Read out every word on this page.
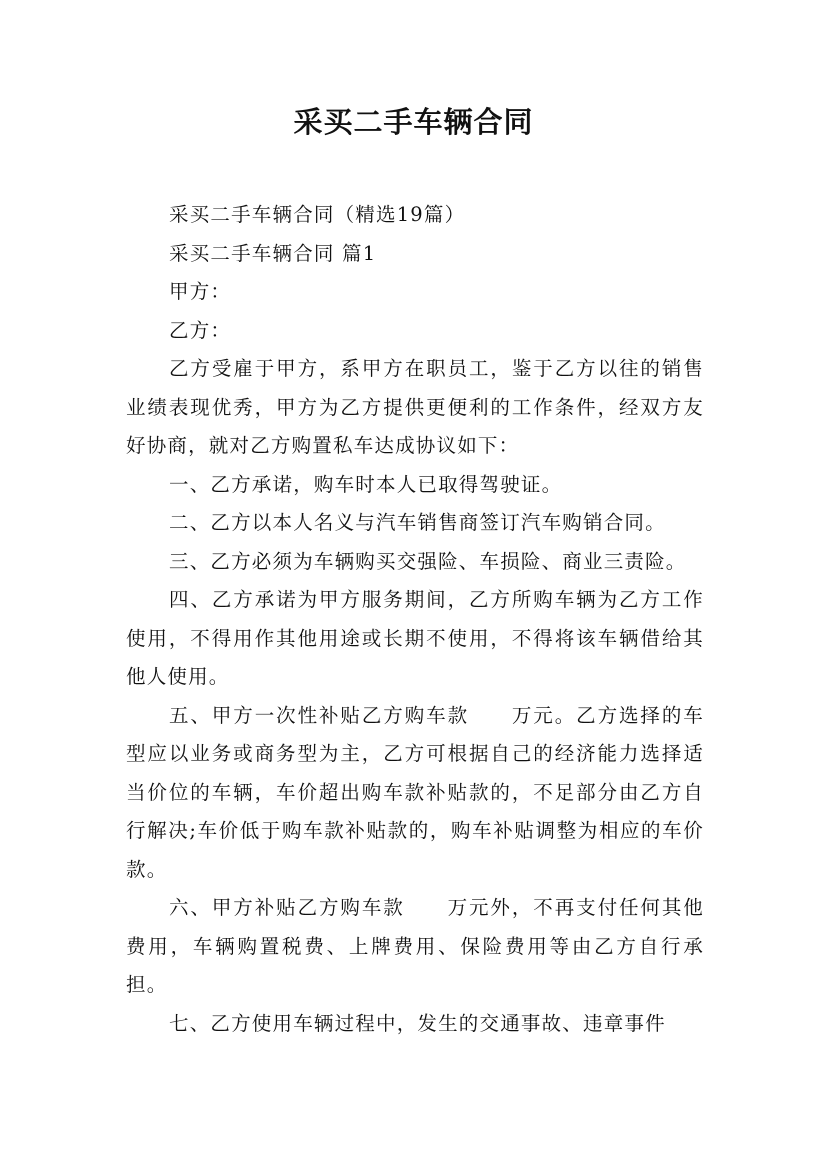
采买二手车辆合同

采买二手车辆合同（精选19篇）

采买二手车辆合同 篇1

甲方：

乙方：

乙方受雇于甲方，系甲方在职员工，鉴于乙方以往的销售业绩表现优秀，甲方为乙方提供更便利的工作条件，经双方友好协商，就对乙方购置私车达成协议如下：

一、乙方承诺，购车时本人已取得驾驶证。

二、乙方以本人名义与汽车销售商签订汽车购销合同。

三、乙方必须为车辆购买交强险、车损险、商业三责险。

四、乙方承诺为甲方服务期间，乙方所购车辆为乙方工作使用，不得用作其他用途或长期不使用，不得将该车辆借给其他人使用。

五、甲方一次性补贴乙方购车款　　万元。乙方选择的车型应以业务或商务型为主，乙方可根据自己的经济能力选择适当价位的车辆，车价超出购车款补贴款的，不足部分由乙方自行解决;车价低于购车款补贴款的，购车补贴调整为相应的车价款。

六、甲方补贴乙方购车款　　万元外，不再支付任何其他费用，车辆购置税费、上牌费用、保险费用等由乙方自行承担。

七、乙方使用车辆过程中，发生的交通事故、违章事件
